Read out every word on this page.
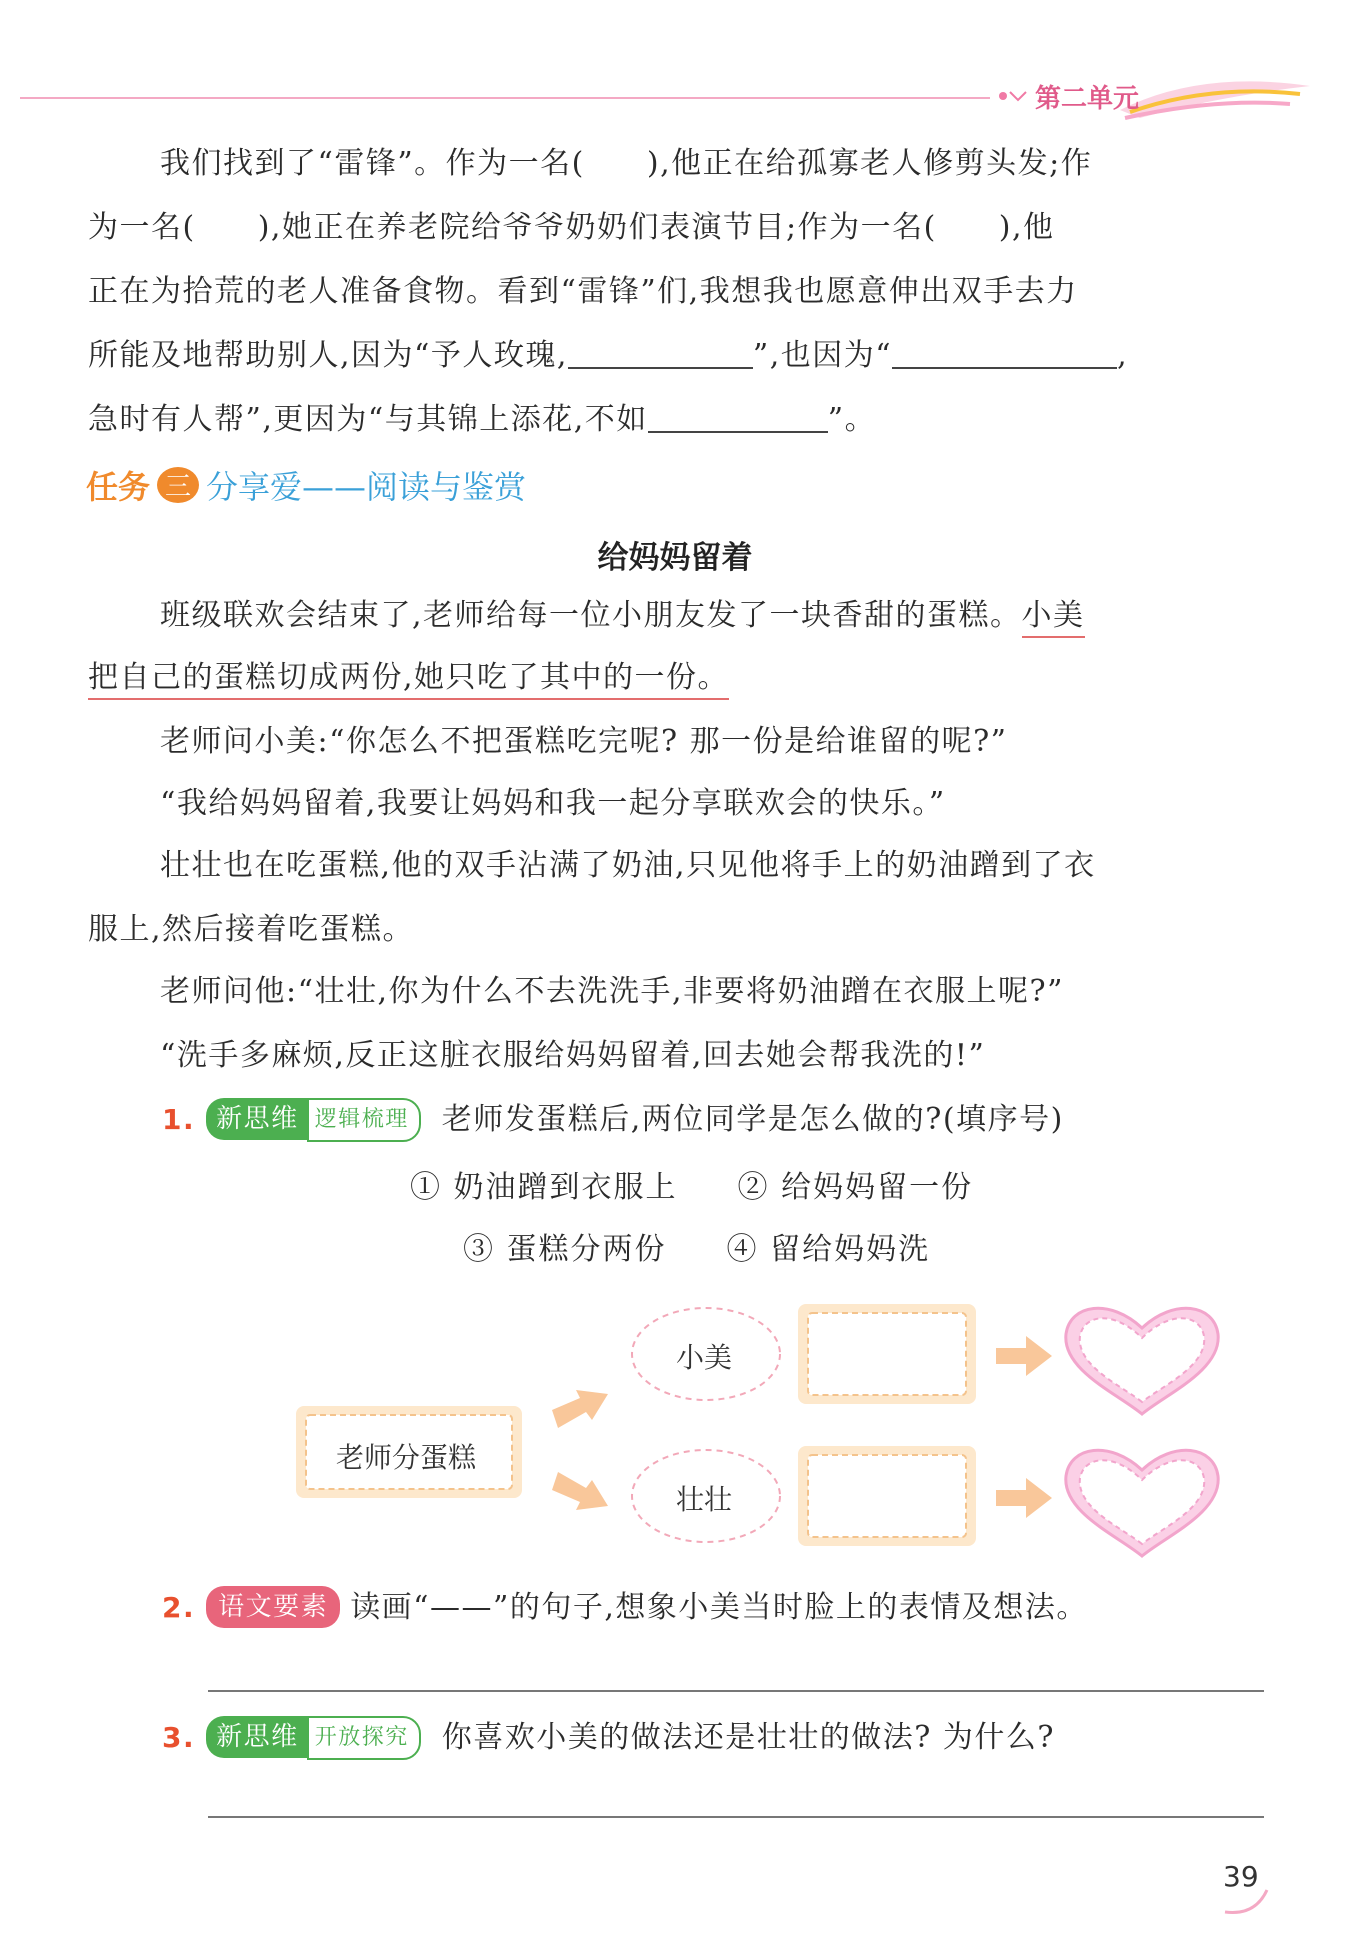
第二单元
我们找到了“雷锋”。作为一名( ),他正在给孤寡老人修剪头发;作
为一名( ),她正在养老院给爷爷奶奶们表演节目;作为一名( ),他
正在为拾荒的老人准备食物。看到“雷锋”们,我想我也愿意伸出双手去力
所能及地帮助别人,因为“予人玫瑰,	”,也因为“	,
急时有人帮”,更因为“与其锦上添花,不如	”。
任务 三 分享爱——阅读与鉴赏
给妈妈留着
班级联欢会结束了,老师给每一位小朋友发了一块香甜的蛋糕。小美
把自己的蛋糕切成两份,她只吃了其中的一份。
老师问小美:“你怎么不把蛋糕吃完呢? 那一份是给谁留的呢?”
“我给妈妈留着,我要让妈妈和我一起分享联欢会的快乐。”
壮壮也在吃蛋糕,他的双手沾满了奶油,只见他将手上的奶油蹭到了衣
服上,然后接着吃蛋糕。
老师问他:“壮壮,你为什么不去洗洗手,非要将奶油蹭在衣服上呢?”
“洗手多麻烦,反正这脏衣服给妈妈留着,回去她会帮我洗的!”
1. 新思维 逻辑梳理 老师发蛋糕后,两位同学是怎么做的?(填序号)
① 奶油蹭到衣服上 ② 给妈妈留一份
③ 蛋糕分两份 ④ 留给妈妈洗
老师分蛋糕
小美
壮壮
2. 语文要素 读画“——”的句子,想象小美当时脸上的表情及想法。
3. 新思维 开放探究 你喜欢小美的做法还是壮壮的做法? 为什么?
39
